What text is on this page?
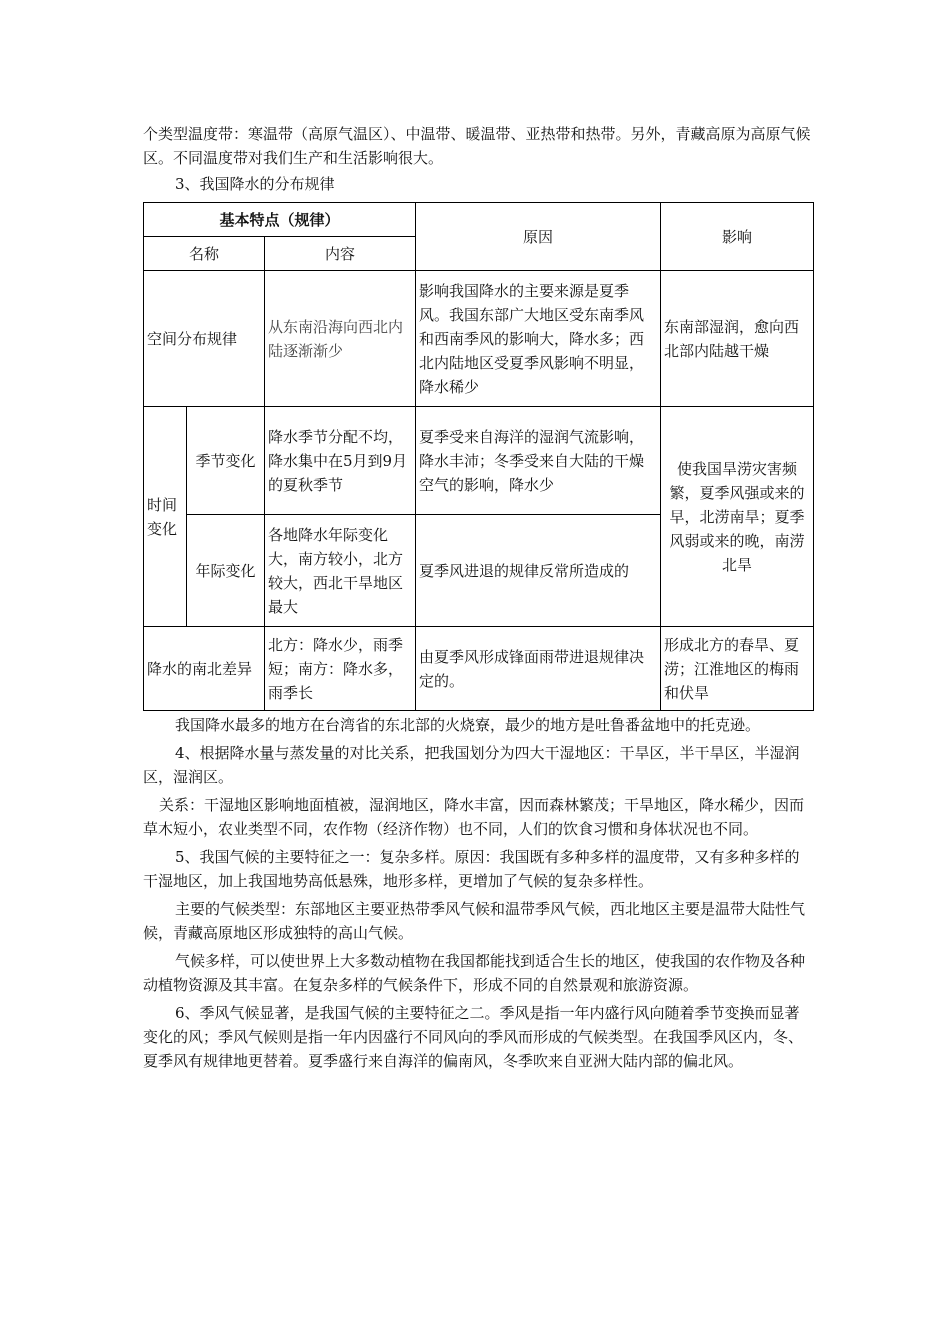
个类型温度带：寒温带（高原气温区）、中温带、暖温带、亚热带和热带。另外，青藏高原为高原气候区。不同温度带对我们生产和生活影响很大。

3、我国降水的分布规律

基本特点（规律）			原因	影响
名称		内容		
空间分布规律		从东南沿海向西北内陆逐渐渐少	影响我国降水的主要来源是夏季风。我国东部广大地区受东南季风和西南季风的影响大，降水多；西北内陆地区受夏季风影响不明显，降水稀少	东南部湿润，愈向西北部内陆越干燥
时间变化	季节变化	降水季节分配不均，降水集中在5月到9月的夏秋季节	夏季受来自海洋的湿润气流影响，降水丰沛；冬季受来自大陆的干燥空气的影响，降水少	使我国旱涝灾害频繁，夏季风强或来的早，北涝南旱；夏季风弱或来的晚，南涝北旱
	年际变化	各地降水年际变化大，南方较小，北方较大，西北干旱地区最大	夏季风进退的规律反常所造成的	
降水的南北差异		北方：降水少，雨季短；南方：降水多，雨季长	由夏季风形成锋面雨带进退规律决定的。	形成北方的春旱、夏涝；江淮地区的梅雨和伏旱

我国降水最多的地方在台湾省的东北部的火烧寮，最少的地方是吐鲁番盆地中的托克逊。

4、根据降水量与蒸发量的对比关系，把我国划分为四大干湿地区：干旱区，半干旱区，半湿润区，湿润区。

关系：干湿地区影响地面植被，湿润地区，降水丰富，因而森林繁茂；干旱地区，降水稀少，因而草木短小，农业类型不同，农作物（经济作物）也不同，人们的饮食习惯和身体状况也不同。

5、我国气候的主要特征之一：复杂多样。原因：我国既有多种多样的温度带，又有多种多样的干湿地区，加上我国地势高低悬殊，地形多样，更增加了气候的复杂多样性。

主要的气候类型：东部地区主要亚热带季风气候和温带季风气候，西北地区主要是温带大陆性气候，青藏高原地区形成独特的高山气候。

气候多样，可以使世界上大多数动植物在我国都能找到适合生长的地区，使我国的农作物及各种动植物资源及其丰富。在复杂多样的气候条件下，形成不同的自然景观和旅游资源。

6、季风气候显著，是我国气候的主要特征之二。季风是指一年内盛行风向随着季节变换而显著变化的风；季风气候则是指一年内因盛行不同风向的季风而形成的气候类型。在我国季风区内，冬、夏季风有规律地更替着。夏季盛行来自海洋的偏南风，冬季吹来自亚洲大陆内部的偏北风。
